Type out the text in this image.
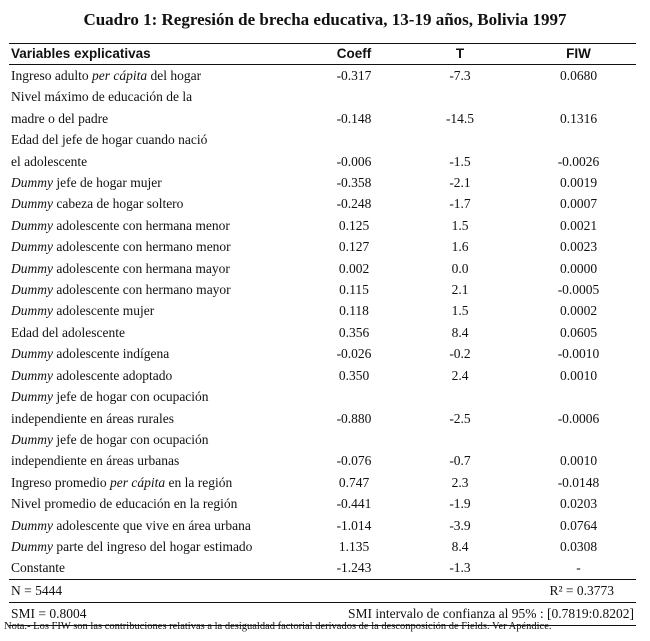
Cuadro 1: Regresión de brecha educativa, 13-19 años, Bolivia 1997
Variables explicativas	Coeff	T	FIW
Ingreso adulto per cápita del hogar	-0.317	-7.3	0.0680
Nivel máximo de educación de la			
madre o del padre	-0.148	-14.5	0.1316
Edad del jefe de hogar cuando nació			
el adolescente	-0.006	-1.5	-0.0026
Dummy jefe de hogar mujer	-0.358	-2.1	0.0019
Dummy cabeza de hogar soltero	-0.248	-1.7	0.0007
Dummy adolescente con hermana menor	0.125	1.5	0.0021
Dummy adolescente con hermano menor	0.127	1.6	0.0023
Dummy adolescente con hermana mayor	0.002	0.0	0.0000
Dummy adolescente con hermano mayor	0.115	2.1	-0.0005
Dummy adolescente mujer	0.118	1.5	0.0002
Edad del adolescente	0.356	8.4	0.0605
Dummy adolescente indígena	-0.026	-0.2	-0.0010
Dummy adolescente adoptado	0.350	2.4	0.0010
Dummy jefe de hogar con ocupación			
independiente en áreas rurales	-0.880	-2.5	-0.0006
Dummy jefe de hogar con ocupación			
independiente en áreas urbanas	-0.076	-0.7	0.0010
Ingreso promedio per cápita en la región	0.747	2.3	-0.0148
Nivel promedio de educación en la región	-0.441	-1.9	0.0203
Dummy adolescente que vive en área urbana	-1.014	-3.9	0.0764
Dummy parte del ingreso del hogar estimado	1.135	8.4	0.0308
Constante	-1.243	-1.3	-
N = 5444	R² = 0.3773
SMI = 0.8004	SMI intervalo de confianza al 95% : [0.7819:0.8202]
Nota.- Los FIW son las contribuciones relativas a la desigualdad factorial derivados de la desconposición de Fields. Ver Apéndice.
